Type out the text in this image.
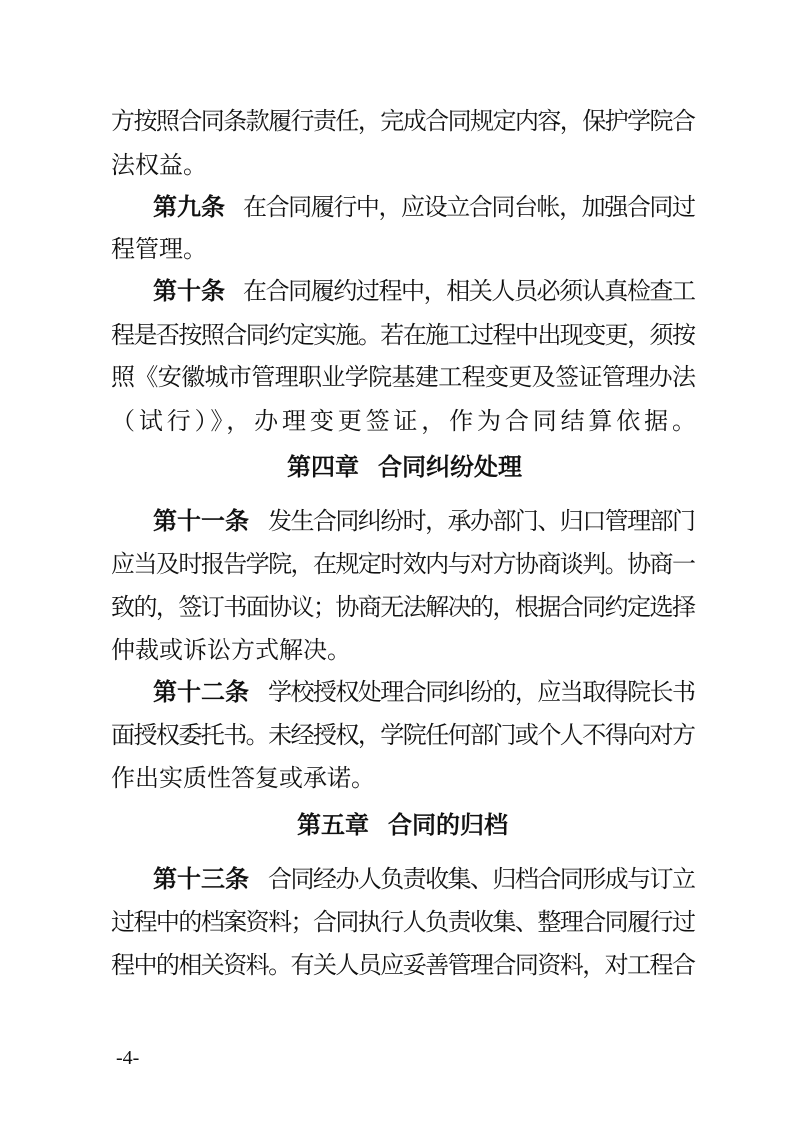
方按照合同条款履行责任，完成合同规定内容，保护学院合
法权益。
第九条 在合同履行中，应设立合同台帐，加强合同过
程管理。
第十条 在合同履约过程中，相关人员必须认真检查工
程是否按照合同约定实施。若在施工过程中出现变更，须按
照《安徽城市管理职业学院基建工程变更及签证管理办法
（试行）》，办理变更签证，作为合同结算依据。
第四章 合同纠纷处理
第十一条 发生合同纠纷时，承办部门、归口管理部门
应当及时报告学院，在规定时效内与对方协商谈判。协商一
致的，签订书面协议；协商无法解决的，根据合同约定选择
仲裁或诉讼方式解决。
第十二条 学校授权处理合同纠纷的，应当取得院长书
面授权委托书。未经授权，学院任何部门或个人不得向对方
作出实质性答复或承诺。
第五章 合同的归档
第十三条 合同经办人负责收集、归档合同形成与订立
过程中的档案资料；合同执行人负责收集、整理合同履行过
程中的相关资料。有关人员应妥善管理合同资料，对工程合
-4-
